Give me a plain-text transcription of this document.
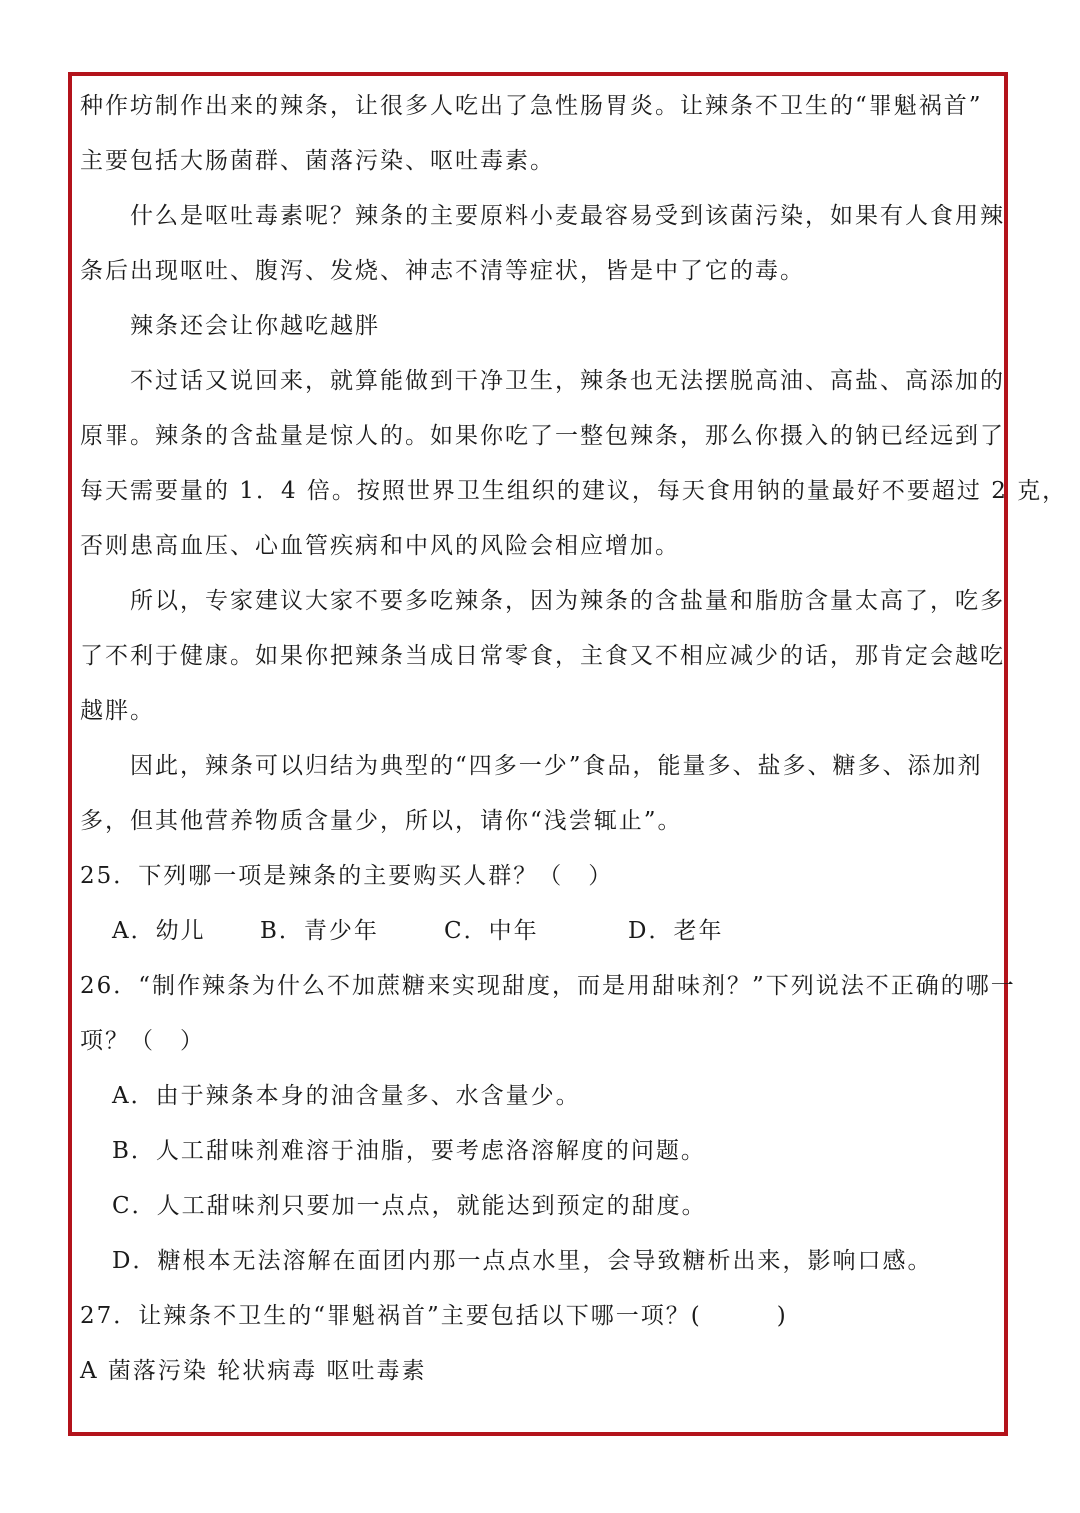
种作坊制作出来的辣条，让很多人吃出了急性肠胃炎。让辣条不卫生的“罪魁祸首”
主要包括大肠菌群、菌落污染、呕吐毒素。
什么是呕吐毒素呢？辣条的主要原料小麦最容易受到该菌污染，如果有人食用辣
条后出现呕吐、腹泻、发烧、神志不清等症状，皆是中了它的毒。
辣条还会让你越吃越胖
不过话又说回来，就算能做到干净卫生，辣条也无法摆脱高油、高盐、高添加的
原罪。辣条的含盐量是惊人的。如果你吃了一整包辣条，那么你摄入的钠已经远到了
每天需要量的 1．4 倍。按照世界卫生组织的建议，每天食用钠的量最好不要超过 2 克，
否则患高血压、心血管疾病和中风的风险会相应增加。
所以，专家建议大家不要多吃辣条，因为辣条的含盐量和脂肪含量太高了，吃多
了不利于健康。如果你把辣条当成日常零食，主食又不相应减少的话，那肯定会越吃
越胖。
因此，辣条可以归结为典型的“四多一少”食品，能量多、盐多、糖多、添加剂
多，但其他营养物质含量少，所以，请你“浅尝辄止”。
25．下列哪一项是辣条的主要购买人群？（　）
A．幼儿 B．青少年	C．中年	D．老年
26．“制作辣条为什么不加蔗糖来实现甜度，而是用甜味剂？”下列说法不正确的哪一
项？（　）
A．由于辣条本身的油含量多、水含量少。
B．人工甜味剂难溶于油脂，要考虑洛溶解度的问题。
C．人工甜味剂只要加一点点，就能达到预定的甜度。
D．糖根本无法溶解在面团内那一点点水里，会导致糖析出来，影响口感。
27．让辣条不卫生的“罪魁祸首”主要包括以下哪一项？(　　　)
A 菌落污染 轮状病毒 呕吐毒素
